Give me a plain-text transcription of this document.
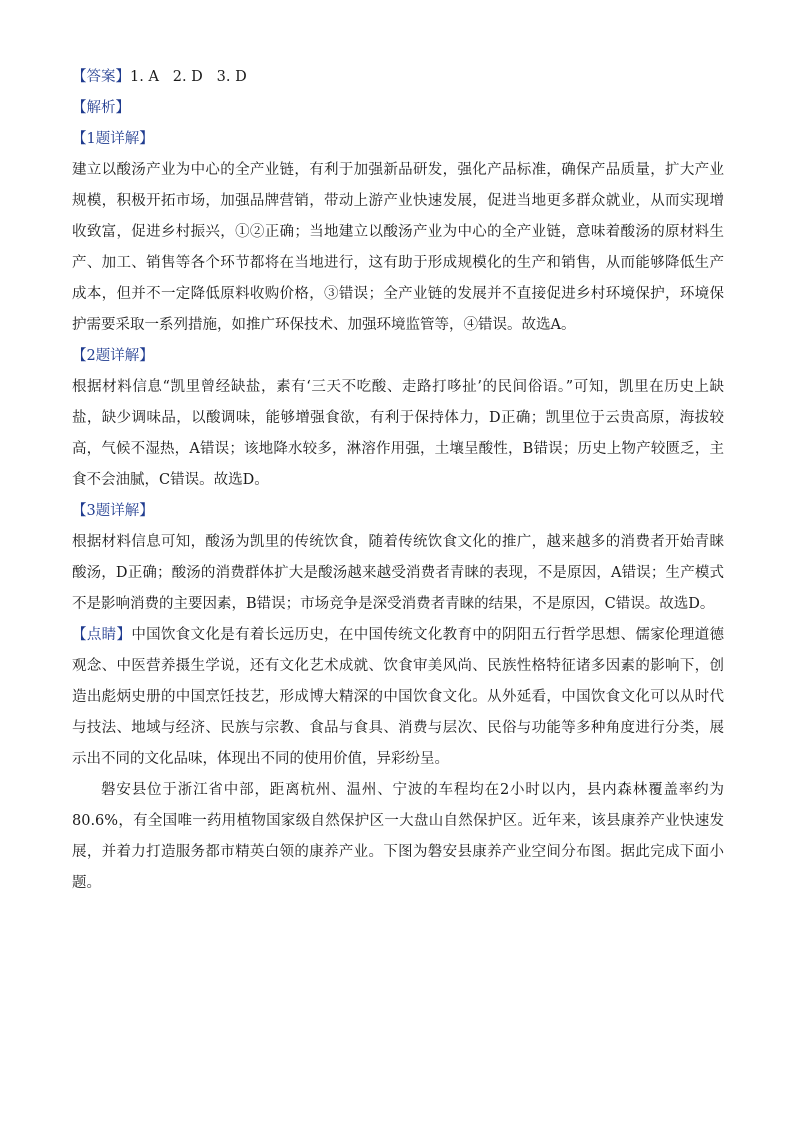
【答案】1. A   2. D   3. D
【解析】
【1题详解】
建立以酸汤产业为中心的全产业链，有利于加强新品研发，强化产品标准，确保产品质量，扩大产业规模，积极开拓市场，加强品牌营销，带动上游产业快速发展，促进当地更多群众就业，从而实现增收致富，促进乡村振兴，①②正确；当地建立以酸汤产业为中心的全产业链，意味着酸汤的原材料生产、加工、销售等各个环节都将在当地进行，这有助于形成规模化的生产和销售，从而能够降低生产成本，但并不一定降低原料收购价格，③错误；全产业链的发展并不直接促进乡村环境保护，环境保护需要采取一系列措施，如推广环保技术、加强环境监管等，④错误。故选A。
【2题详解】
根据材料信息“凯里曾经缺盐，素有‘三天不吃酸、走路打哆扯’的民间俗语。”可知，凯里在历史上缺盐，缺少调味品，以酸调味，能够增强食欲，有利于保持体力，D正确；凯里位于云贵高原，海拔较高，气候不湿热，A错误；该地降水较多，淋溶作用强，土壤呈酸性，B错误；历史上物产较匮乏，主食不会油腻，C错误。故选D。
【3题详解】
根据材料信息可知，酸汤为凯里的传统饮食，随着传统饮食文化的推广，越来越多的消费者开始青睐酸汤，D正确；酸汤的消费群体扩大是酸汤越来越受消费者青睐的表现，不是原因，A错误；生产模式不是影响消费的主要因素，B错误；市场竞争是深受消费者青睐的结果，不是原因，C错误。故选D。
【点睛】中国饮食文化是有着长远历史，在中国传统文化教育中的阴阳五行哲学思想、儒家伦理道德观念、中医营养摄生学说，还有文化艺术成就、饮食审美风尚、民族性格特征诸多因素的影响下，创造出彪炳史册的中国烹饪技艺，形成博大精深的中国饮食文化。从外延看，中国饮食文化可以从时代与技法、地域与经济、民族与宗教、食品与食具、消费与层次、民俗与功能等多种角度进行分类，展示出不同的文化品味，体现出不同的使用价值，异彩纷呈。
磐安县位于浙江省中部，距离杭州、温州、宁波的车程均在2小时以内，县内森林覆盖率约为80.6%，有全国唯一药用植物国家级自然保护区一大盘山自然保护区。近年来，该县康养产业快速发展，并着力打造服务都市精英白领的康养产业。下图为磐安县康养产业空间分布图。据此完成下面小题。
